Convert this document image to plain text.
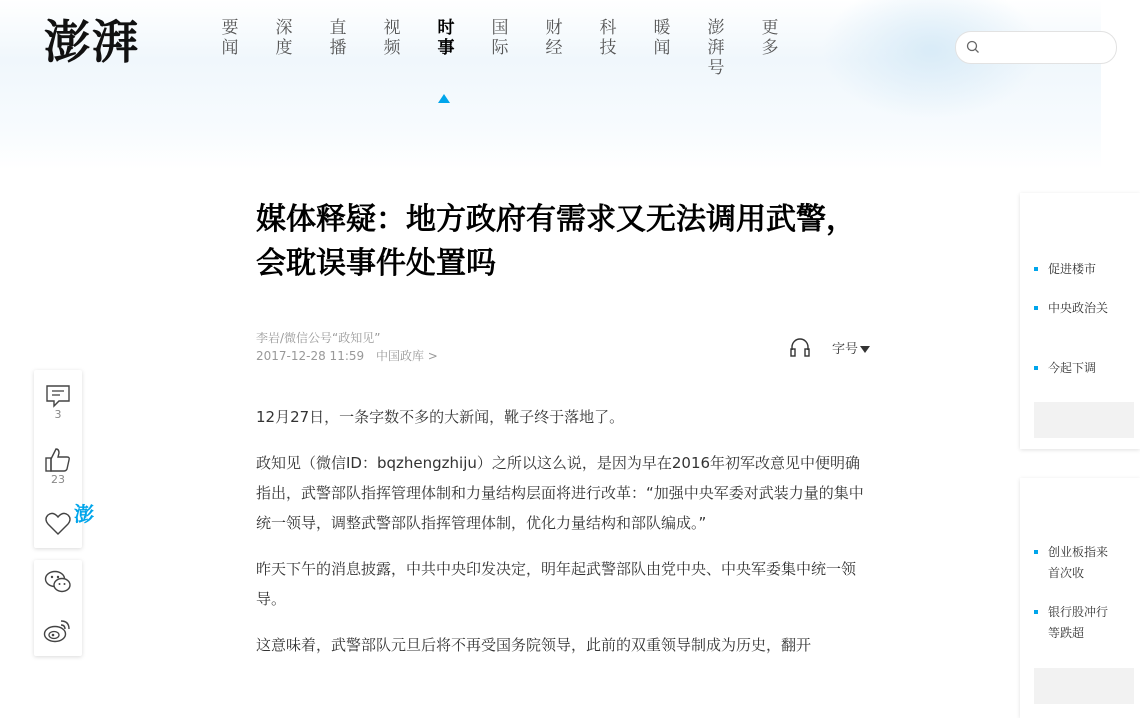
澎湃	要闻
深度
直播
视频
时事
国际
财经
科技
暖闻
澎湃号
更多
媒体释疑：地方政府有需求又无法调用武警，会耽误事件处置吗
李岩/微信公号“政知见”
2017-12-28 11:59 中国政库 >	字号

12月27日，一条字数不多的大新闻，靴子终于落地了。

政知见（微信ID：bqzhengzhiju）之所以这么说，是因为早在2016年初军改意见中便明确指出，武警部队指挥管理体制和力量结构层面将进行改革：“加强中央军委对武装力量的集中统一领导，调整武警部队指挥管理体制，优化力量结构和部队编成。”

昨天下午的消息披露，中共中央印发决定，明年起武警部队由党中央、中央军委集中统一领导。

这意味着，武警部队元旦后将不再受国务院领导，此前的双重领导制成为历史，翻开

3
23
促进楼市
中央政治关
今起下调
创业板指来首次收
银行股冲行等跌超
澎
